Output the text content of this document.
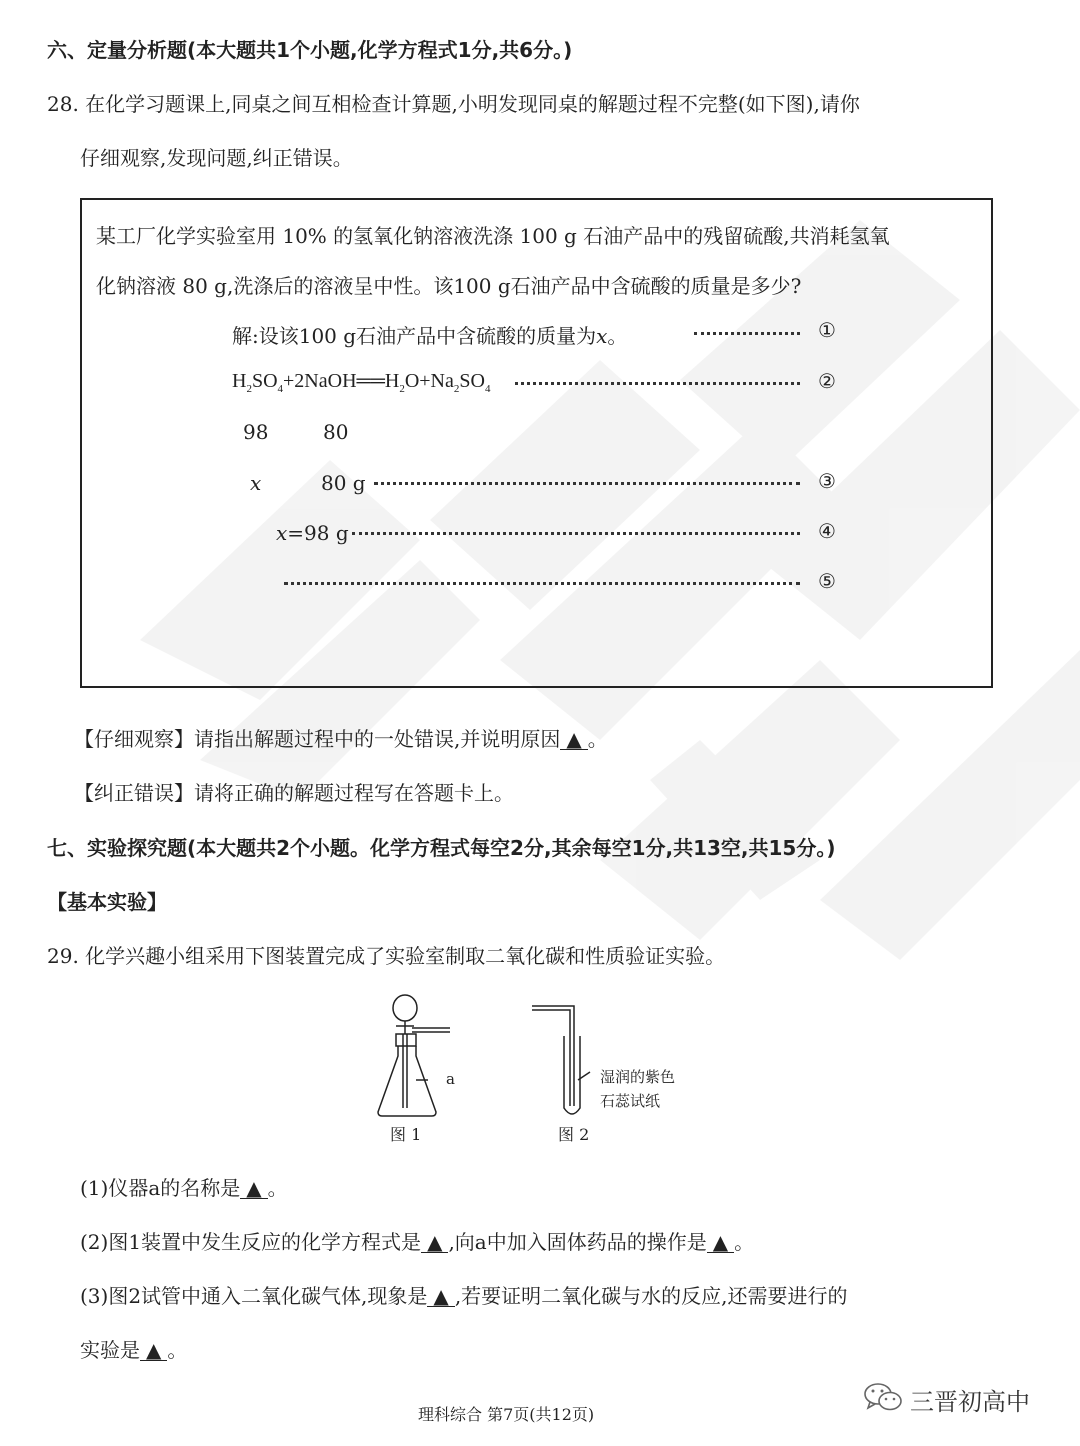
六、定量分析题(本大题共1个小题,化学方程式1分,共6分。)
28. 在化学习题课上,同桌之间互相检查计算题,小明发现同桌的解题过程不完整(如下图),请你
仔细观察,发现问题,纠正错误。
某工厂化学实验室用 10% 的氢氧化钠溶液洗涤 100 g 石油产品中的残留硫酸,共消耗氢氧
化钠溶液 80 g,洗涤后的溶液呈中性。该100 g石油产品中含硫酸的质量是多少?
解:设该100 g石油产品中含硫酸的质量为x。	①
$H_2SO_4+2NaOH══H_2O+Na_2SO_4$	②
98	80
x	80 g	③
x=98 g	④
⑤
【仔细观察】请指出解题过程中的一处错误,并说明原因 ▲ 。
【纠正错误】请将正确的解题过程写在答题卡上。
七、实验探究题(本大题共2个小题。化学方程式每空2分,其余每空1分,共13空,共15分。)
【基本实验】
29. 化学兴趣小组采用下图装置完成了实验室制取二氧化碳和性质验证实验。
a
图 1	图 2
湿润的紫色
石蕊试纸
(1)仪器a的名称是 ▲ 。
(2)图1装置中发生反应的化学方程式是 ▲ ,向a中加入固体药品的操作是 ▲ 。
(3)图2试管中通入二氧化碳气体,现象是 ▲ ,若要证明二氧化碳与水的反应,还需要进行的
实验是 ▲ 。
理科综合 第7页(共12页)	三晋初高中
